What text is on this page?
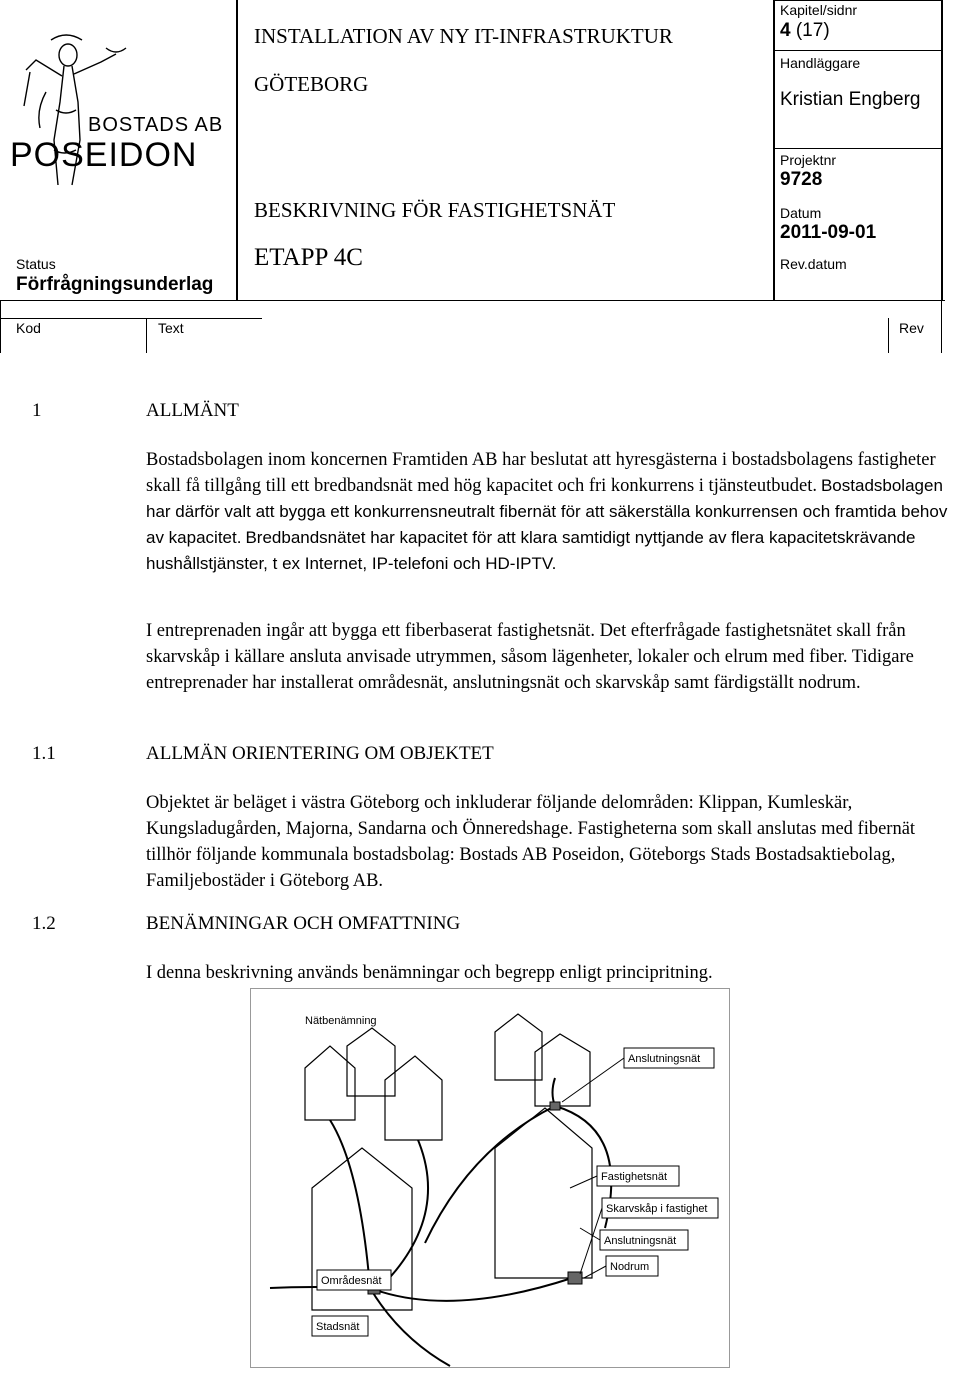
BOSTADS AB
POSEIDON
Status
Förfrågningsunderlag
INSTALLATION AV NY IT-INFRASTRUKTUR
GÖTEBORG
BESKRIVNING FÖR FASTIGHETSNÄT
ETAPP 4C
Kapitel/sidnr
4 (17)
Handläggare
Kristian Engberg
Projektnr
9728
Datum
2011-09-01
Rev.datum
Kod	Text	Rev
1	ALLMÄNT

Bostadsbolagen inom koncernen Framtiden AB har beslutat att hyresgästerna i bostadsbolagens fastigheter skall få tillgång till ett bredbandsnät med hög kapacitet och fri konkurrens i tjänsteutbudet. Bostadsbolagen har därför valt att bygga ett konkurrensneutralt fibernät för att säkerställa konkurrensen och framtida behov av kapacitet. Bredbandsnätet har kapacitet för att klara samtidigt nyttjande av flera kapacitetskrävande hushållstjänster, t ex Internet, IP-telefoni och HD-IPTV.

I entreprenaden ingår att bygga ett fiberbaserat fastighetsnät. Det efterfrågade fastighetsnätet skall från skarvskåp i källare ansluta anvisade utrymmen, såsom lägenheter, lokaler och elrum med fiber. Tidigare entreprenader har installerat områdesnät, anslutningsnät och skarvskåp samt färdigställt nodrum.

1.1	ALLMÄN ORIENTERING OM OBJEKTET

Objektet är beläget i västra Göteborg och inkluderar följande delområden: Klippan, Kumleskär, Kungsladugården, Majorna, Sandarna och Önneredshage. Fastigheterna som skall anslutas med fibernät tillhör följande kommunala bostadsbolag: Bostads AB Poseidon, Göteborgs Stads Bostadsaktiebolag, Familjebostäder i Göteborg AB.

1.2	BENÄMNINGAR OCH OMFATTNING

I denna beskrivning används benämningar och begrepp enligt principritning.

Nätbenämning
Anslutningsnät
Fastighetsnät
Skarvskåp i fastighet
Anslutningsnät
Nodrum
Områdesnät
Stadsnät
